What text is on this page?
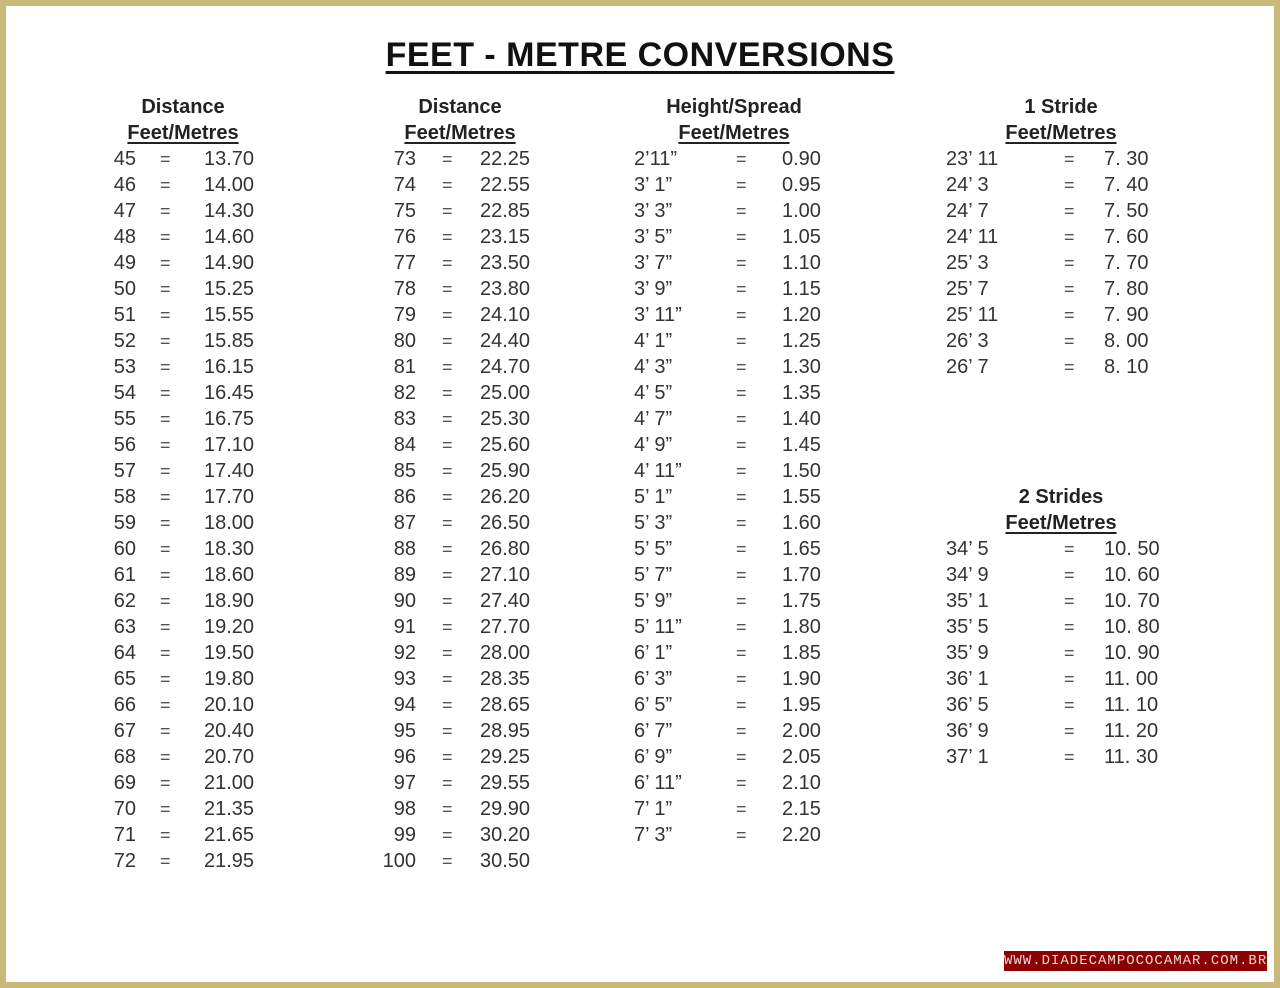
FEET - METRE CONVERSIONS
Distance
Feet/Metres
45 = 13.70
46 = 14.00
47 = 14.30
48 = 14.60
49 = 14.90
50 = 15.25
51 = 15.55
52 = 15.85
53 = 16.15
54 = 16.45
55 = 16.75
56 = 17.10
57 = 17.40
58 = 17.70
59 = 18.00
60 = 18.30
61 = 18.60
62 = 18.90
63 = 19.20
64 = 19.50
65 = 19.80
66 = 20.10
67 = 20.40
68 = 20.70
69 = 21.00
70 = 21.35
71 = 21.65
72 = 21.95
Distance
Feet/Metres
73 = 22.25
74 = 22.55
75 = 22.85
76 = 23.15
77 = 23.50
78 = 23.80
79 = 24.10
80 = 24.40
81 = 24.70
82 = 25.00
83 = 25.30
84 = 25.60
85 = 25.90
86 = 26.20
87 = 26.50
88 = 26.80
89 = 27.10
90 = 27.40
91 = 27.70
92 = 28.00
93 = 28.35
94 = 28.65
95 = 28.95
96 = 29.25
97 = 29.55
98 = 29.90
99 = 30.20
100 = 30.50
Height/Spread
Feet/Metres
2’11”	= 0.90
3’ 1”	= 0.95
3’ 3”	= 1.00
3’ 5”	= 1.05
3’ 7”	= 1.10
3’ 9”	= 1.15
3’ 11”	= 1.20
4’ 1”	= 1.25
4’ 3”	= 1.30
4’ 5”	= 1.35
4’ 7”	= 1.40
4’ 9”	= 1.45
4’ 11”	= 1.50
5’ 1”	= 1.55
5’ 3”	= 1.60
5’ 5”	= 1.65
5’ 7”	= 1.70
5’ 9”	= 1.75
5’ 11”	= 1.80
6’ 1”	= 1.85
6’ 3”	= 1.90
6’ 5”	= 1.95
6’ 7”	= 2.00
6’ 9”	= 2.05
6’ 11”	= 2.10
7’ 1”	= 2.15
7’ 3”	= 2.20
1 Stride
Feet/Metres
23’ 11	= 7. 30
24’ 3	= 7. 40
24’ 7	= 7. 50
24’ 11	= 7. 60
25’ 3	= 7. 70
25’ 7	= 7. 80
25’ 11	= 7. 90
26’ 3	= 8. 00
26’ 7	= 8. 10
2 Strides
Feet/Metres
34’ 5	= 10. 50
34’ 9	= 10. 60
35’ 1	= 10. 70
35’ 5	= 10. 80
35’ 9	= 10. 90
36’ 1	= 11. 00
36’ 5	= 11. 10
36’ 9	= 11. 20
37’ 1	= 11. 30
WWW.DIADECAMPOCOCAMAR.COM.BR
